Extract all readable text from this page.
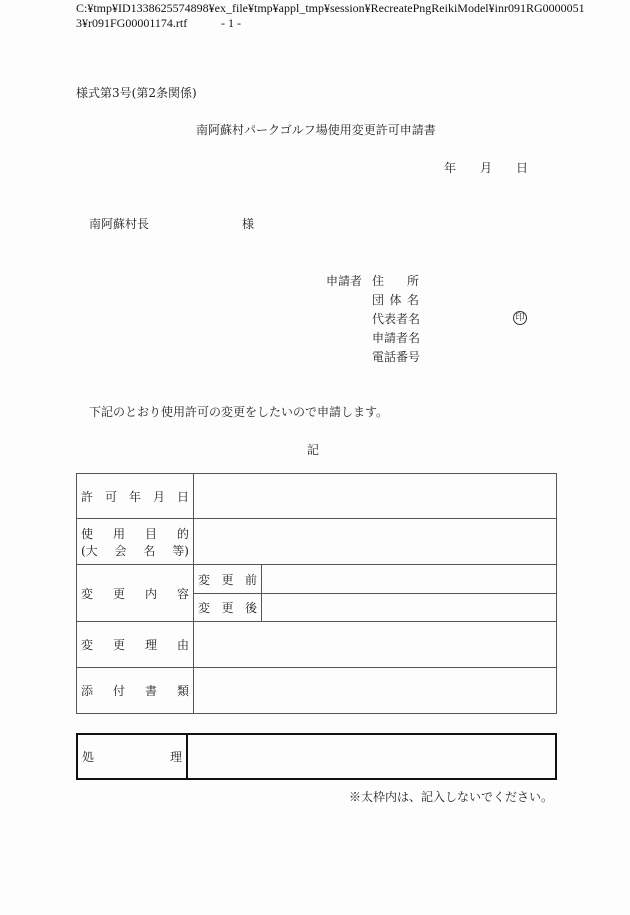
C:¥tmp¥ID1338625574898¥ex_file¥tmp¥appl_tmp¥session¥RecreatePngReikiModel¥inr091RG0000051
3¥r091FG00001174.rtf	- 1 -
様式第3号(第2条関係)
南阿蘇村パークゴルフ場使用変更許可申請書
年 月 日
南阿蘇村長	様
申請者 住 所
団 体 名
代表者名
申請者名
電話番号
印
下記のとおり使用許可の変更をしたいので申請します。
記
許 可 年 月 日		

使 用 目 的
(大 会 名 等)

変 更 内 容	変 更 前	

	変 更 後	

変 更 理 由		

添 付 書 類		

処	理

※太枠内は、記入しないでください。
